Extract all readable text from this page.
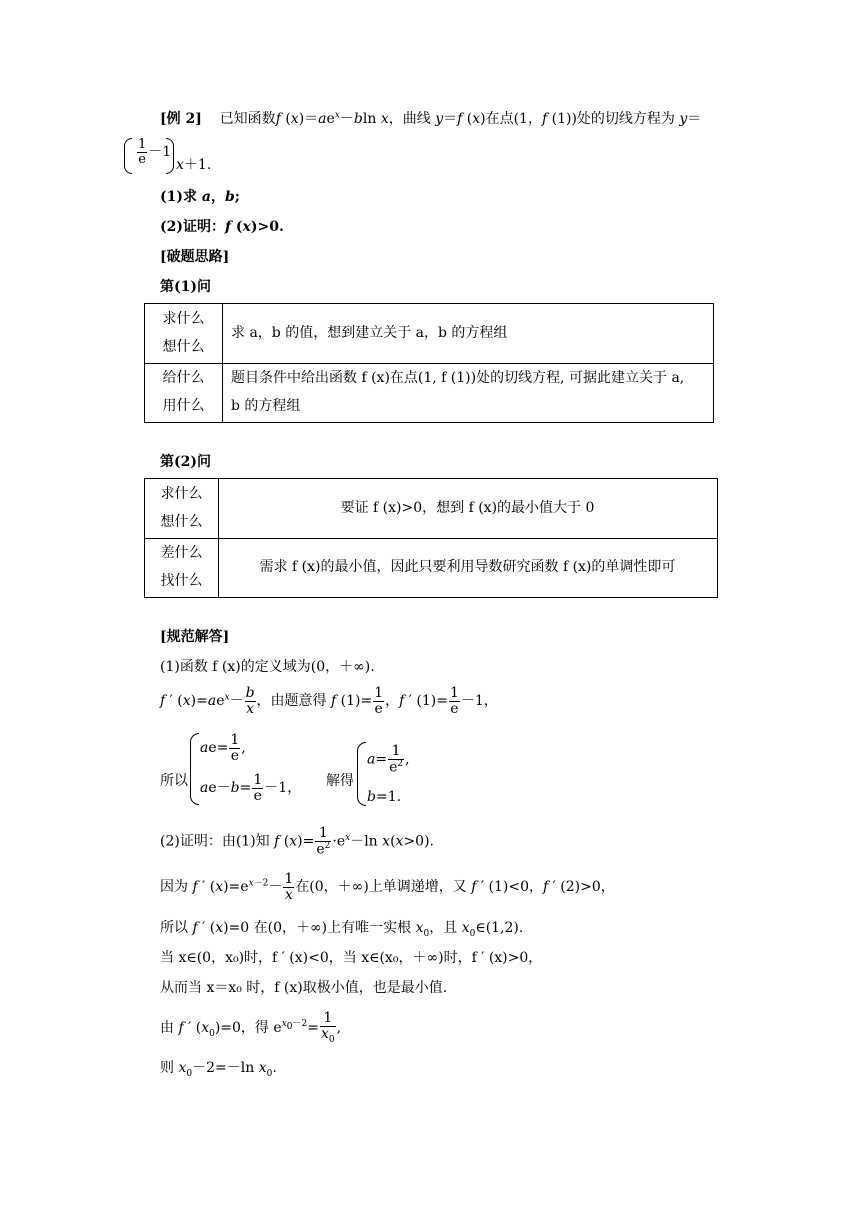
[例 2] 已知函数f $(x)=ae^x-bln$ x，曲线 y＝f (x)在点(1，f (1))处的切线方程为 y＝
$\frac{1}{e} -1$
x＋1.
(1)求 a，b;
(2)证明：f (x)>0.
[破题思路]
第(1)问
求什么
想什么
求 a，b 的值，想到建立关于 a，b 的方程组
给什么
用什么
题目条件中给出函数 f (x)在点(1, f (1))处的切线方程, 可据此建立关于 a,
b 的方程组
第(2)问
求什么
想什么
要证 f (x)>0，想到 f (x)的最小值大于 0
差什么
找什么
需求 f (x)的最小值，因此只要利用导数研究函数 f (x)的单调性即可
[规范解答]
(1)函数 f (x)的定义域为(0，＋∞).
f ′ $(x)=ae^x- \frac{b}{x}$ ，由题意得 f $(1)= \frac{1}{e}$ ，f ′ $(1)= \frac{1}{e} -1$，
所以
$ae= \frac{1}{e}$ ,
$ae-b= \frac{1}{e} -1$， 解得
$a= \frac{1}{e^2}$ ,
b=1.
(2)证明：由(1)知 f $(x)= \frac{1}{e^2} \cdot e^x-\ln$ x(x>0).
因为 f ′ $(x)=e^{x-2}- \frac{1}{x}$ 在(0，＋∞)上单调递增，又 f ′ (1)<0，f ′ (2)>0，
所以 f ′ (x)=0 在(0，＋∞)上有唯一实根 $x_0$，且 $x_0\in(1,2)$.
当 x∈(0，x₀)时，f ′ (x)<0，当 x∈(x₀，＋∞)时，f ′ (x)>0，
从而当 x＝x₀ 时，f (x)取极小值，也是最小值.
由 f ′ $(x_0)=0$，得 $e^{x_0-2}= \frac{1}{x_0}$ ,
则 $x_0-2=-\ln$ $x_0$.
